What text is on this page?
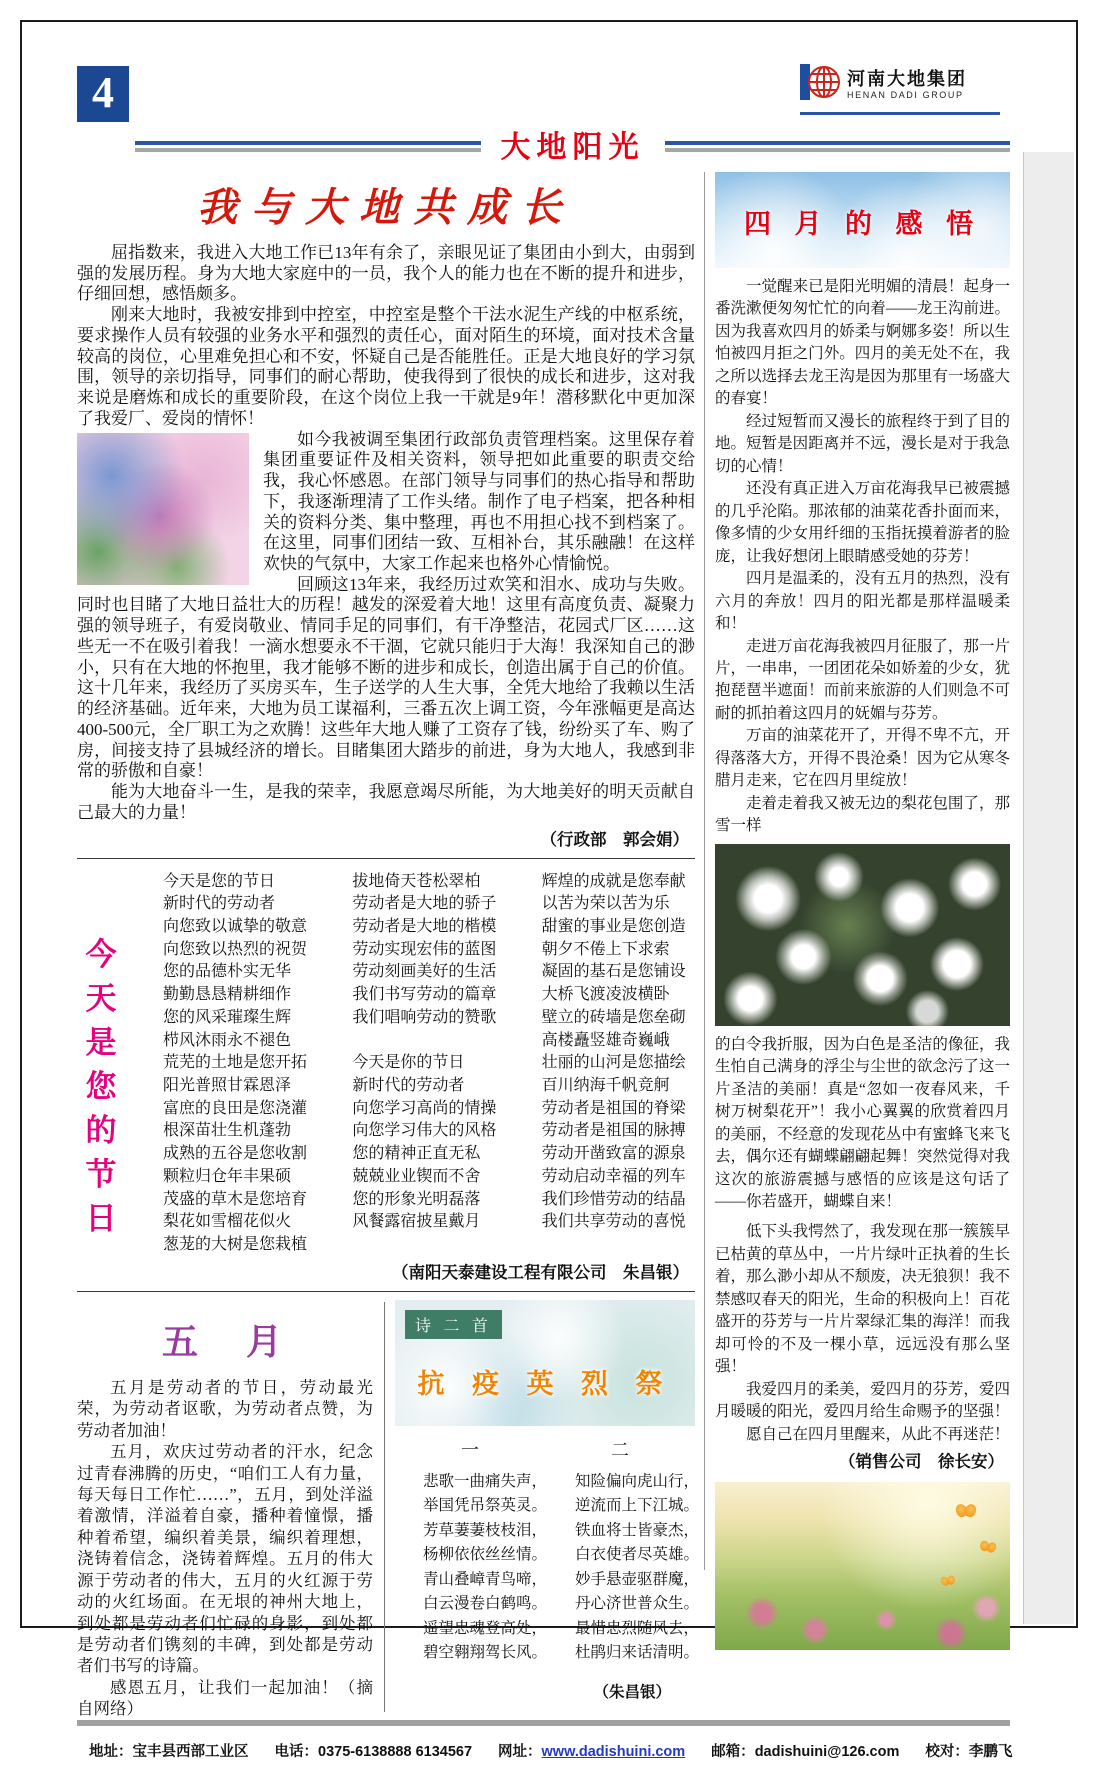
4	河南大地集团
HENAN DADI GROUP
大地阳光
我与大地共成长
屈指数来，我进入大地工作已13年有余了，亲眼见证了集团由小到大，由弱到强的发展历程。身为大地大家庭中的一员，我个人的能力也在不断的提升和进步，仔细回想，感悟颇多。
刚来大地时，我被安排到中控室，中控室是整个干法水泥生产线的中枢系统，要求操作人员有较强的业务水平和强烈的责任心，面对陌生的环境，面对技术含量较高的岗位，心里难免担心和不安，怀疑自己是否能胜任。正是大地良好的学习氛围，领导的亲切指导，同事们的耐心帮助，使我得到了很快的成长和进步，这对我来说是磨炼和成长的重要阶段，在这个岗位上我一干就是9年！潜移默化中更加深了我爱厂、爱岗的情怀！
如今我被调至集团行政部负责管理档案。这里保存着集团重要证件及相关资料，领导把如此重要的职责交给我，我心怀感恩。在部门领导与同事们的热心指导和帮助下，我逐渐理清了工作头绪。制作了电子档案，把各种相关的资料分类、集中整理，再也不用担心找不到档案了。在这里，同事们团结一致、互相补台，其乐融融！在这样欢快的气氛中，大家工作起来也格外心情愉悦。
回顾这13年来，我经历过欢笑和泪水、成功与失败。同时也目睹了大地日益壮大的历程！越发的深爱着大地！这里有高度负责、凝聚力强的领导班子，有爱岗敬业、情同手足的同事们，有干净整洁，花园式厂区……这些无一不在吸引着我！一滴水想要永不干涸，它就只能归于大海！我深知自己的渺小，只有在大地的怀抱里，我才能够不断的进步和成长，创造出属于自己的价值。这十几年来，我经历了买房买车，生子送学的人生大事，全凭大地给了我赖以生活的经济基础。近年来，大地为员工谋福利，三番五次上调工资，今年涨幅更是高达400-500元，全厂职工为之欢腾！这些年大地人赚了工资存了钱，纷纷买了车、购了房，间接支持了县城经济的增长。目睹集团大踏步的前进，身为大地人，我感到非常的骄傲和自豪！
能为大地奋斗一生，是我的荣幸，我愿意竭尽所能，为大地美好的明天贡献自己最大的力量！
（行政部　郭会娟）
今天是您的节日
今天是您的节日
新时代的劳动者
向您致以诚挚的敬意
向您致以热烈的祝贺
您的品德朴实无华
勤勤恳恳精耕细作
您的风采璀璨生辉
栉风沐雨永不褪色
荒芜的土地是您开拓
阳光普照甘霖恩泽
富庶的良田是您浇灌
根深苗壮生机蓬勃
成熟的五谷是您收割
颗粒归仓年丰果硕
茂盛的草木是您培育
梨花如雪榴花似火
葱茏的大树是您栽植
拔地倚天苍松翠柏
劳动者是大地的骄子
劳动者是大地的楷模
劳动实现宏伟的蓝图
劳动刻画美好的生活
我们书写劳动的篇章
我们唱响劳动的赞歌

今天是你的节日
新时代的劳动者
向您学习高尚的情操
向您学习伟大的风格
您的精神正直无私
兢兢业业锲而不舍
您的形象光明磊落
风餐露宿披星戴月
辉煌的成就是您奉献
以苦为荣以苦为乐
甜蜜的事业是您创造
朝夕不倦上下求索
凝固的基石是您铺设
大桥飞渡凌波横卧
壁立的砖墙是您垒砌
高楼矗竖雄奇巍峨
壮丽的山河是您描绘
百川纳海千帆竞舸
劳动者是祖国的脊梁
劳动者是祖国的脉搏
劳动开凿致富的源泉
劳动启动幸福的列车
我们珍惜劳动的结晶
我们共享劳动的喜悦
（南阳天泰建设工程有限公司　朱昌银）
五　月
五月是劳动者的节日，劳动最光荣，为劳动者讴歌，为劳动者点赞，为劳动者加油！
五月，欢庆过劳动者的汗水，纪念过青春沸腾的历史，“咱们工人有力量，每天每日工作忙……”，五月，到处洋溢着激情，洋溢着自豪，播种着憧憬，播种着希望，编织着美景，编织着理想，浇铸着信念，浇铸着辉煌。五月的伟大源于劳动者的伟大，五月的火红源于劳动的火红场面。在无垠的神州大地上，到处都是劳动者们忙碌的身影，到处都是劳动者们镌刻的丰碑，到处都是劳动者们书写的诗篇。
感恩五月，让我们一起加油！（摘自网络）
诗 二 首
抗 疫 英 烈 祭
一	二
悲歌一曲痛失声，
举国凭吊祭英灵。
芳草萋萋枝枝泪，
杨柳依依丝丝情。
青山叠嶂青鸟啼，
白云漫卷白鹤鸣。
遥望忠魂登高处，
碧空翱翔驾长风。
知险偏向虎山行，
逆流而上下江城。
铁血将士皆豪杰，
白衣使者尽英雄。
妙手悬壶驱群魔，
丹心济世普众生。
最惜忠烈随风去，
杜鹃归来话清明。
（朱昌银）
四 月 的 感 悟
一觉醒来已是阳光明媚的清晨！起身一番洗漱便匆匆忙忙的向着——龙王沟前进。因为我喜欢四月的娇柔与婀娜多姿！所以生怕被四月拒之门外。四月的美无处不在，我之所以选择去龙王沟是因为那里有一场盛大的春宴！
经过短暂而又漫长的旅程终于到了目的地。短暂是因距离并不远，漫长是对于我急切的心情！
还没有真正进入万亩花海我早已被震撼的几乎沦陷。那浓郁的油菜花香扑面而来，像多情的少女用纤细的玉指抚摸着游者的脸庞，让我好想闭上眼睛感受她的芬芳！
四月是温柔的，没有五月的热烈，没有六月的奔放！四月的阳光都是那样温暖柔和！
走进万亩花海我被四月征服了，那一片片，一串串，一团团花朵如娇羞的少女，犹抱琵琶半遮面！而前来旅游的人们则急不可耐的抓拍着这四月的妩媚与芬芳。
万亩的油菜花开了，开得不卑不亢，开得落落大方，开得不畏沧桑！因为它从寒冬腊月走来，它在四月里绽放！
走着走着我又被无边的梨花包围了，那雪一样
的白令我折服，因为白色是圣洁的像征，我生怕自己满身的浮尘与尘世的欲念污了这一片圣洁的美丽！真是“忽如一夜春风来，千树万树梨花开”！我小心翼翼的欣赏着四月的美丽，不经意的发现花丛中有蜜蜂飞来飞去，偶尔还有蝴蝶翩翩起舞！突然觉得对我这次的旅游震撼与感悟的应该是这句话了——你若盛开，蝴蝶自来！
低下头我愕然了，我发现在那一簇簇早已枯黄的草丛中，一片片绿叶正执着的生长着，那么渺小却从不颓废，决无狼狈！我不禁感叹春天的阳光，生命的积极向上！百花盛开的芬芳与一片片翠绿汇集的海洋！而我却可怜的不及一棵小草，远远没有那么坚强！
我爱四月的柔美，爱四月的芬芳，爱四月暖暖的阳光，爱四月给生命赐予的坚强！
愿自己在四月里醒来，从此不再迷茫！
（销售公司　徐长安）
地址：宝丰县西部工业区 电话：0375-6138888 6134567 网址：www.dadishuini.com 邮箱：dadishuini@126.com 校对：李鹏飞
